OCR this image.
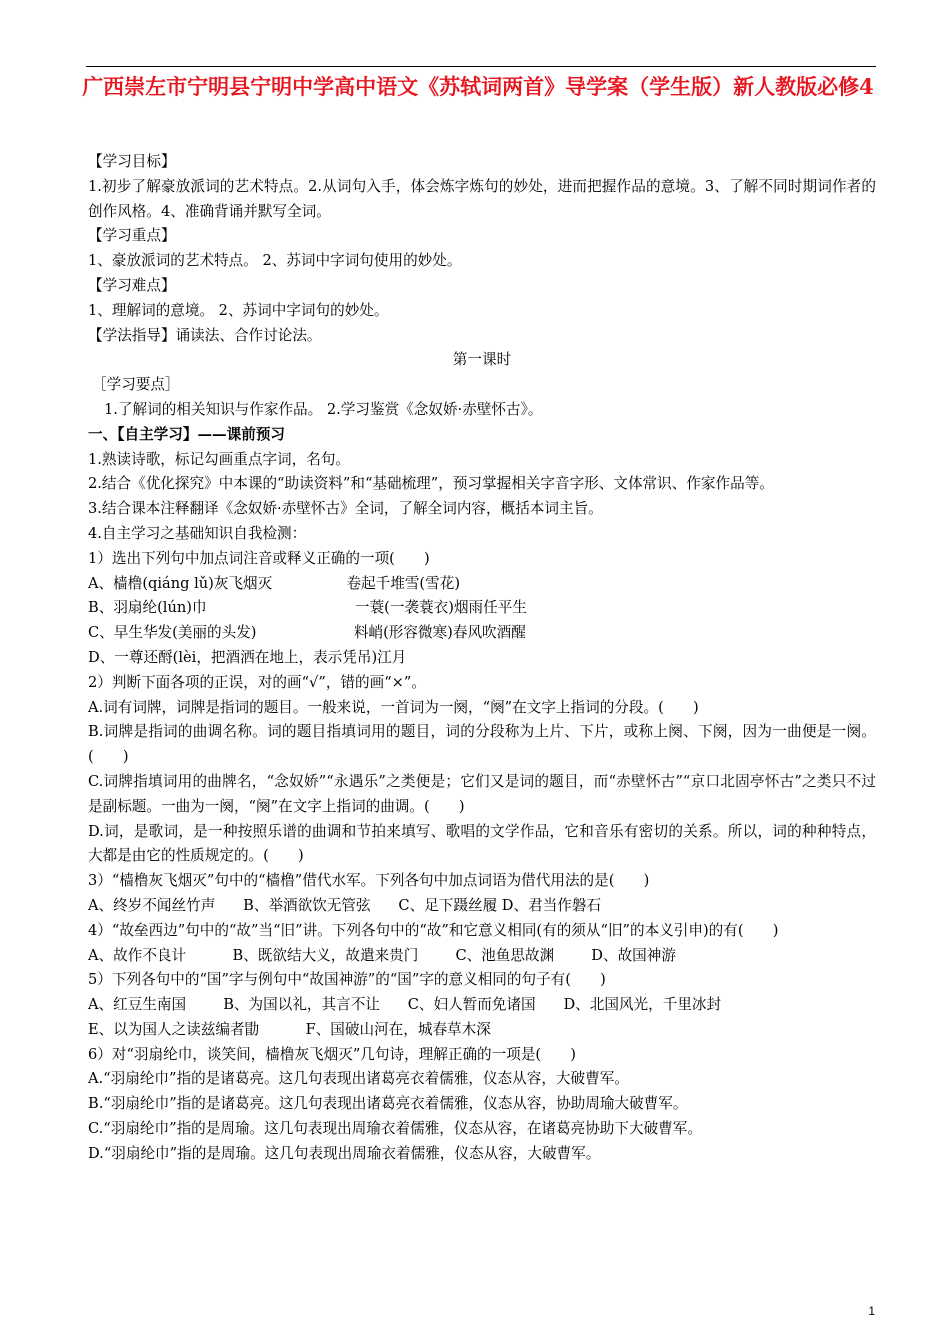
广西崇左市宁明县宁明中学高中语文《苏轼词两首》导学案（学生版）新人教版必修4
【学习目标】
1.初步了解豪放派词的艺术特点。2.从词句入手，体会炼字炼句的妙处，进而把握作品的意境。3、了解不同时期词作者的创作风格。4、准确背诵并默写全词。
【学习重点】
1、豪放派词的艺术特点。 2、苏词中字词句使用的妙处。
【学习难点】
1、理解词的意境。 2、苏词中字词句的妙处。
【学法指导】诵读法、合作讨论法。
第一课时
［学习要点］
1.了解词的相关知识与作家作品。 2.学习鉴赏《念奴娇·赤壁怀古》。
一、【自主学习】——课前预习
1.熟读诗歌，标记勾画重点字词，名句。
2.结合《优化探究》中本课的“助读资料”和“基础梳理”，预习掌握相关字音字形、文体常识、作家作品等。
3.结合课本注释翻译《念奴娇·赤壁怀古》全词，了解全词内容，概括本词主旨。
4.自主学习之基础知识自我检测：
1）选出下列句中加点词注音或释义正确的一项(　　)
A、樯橹(qiáng lǔ)灰飞烟灭                卷起千堆雪(雪花)
B、羽扇纶(lún)巾                                一蓑(一袭蓑衣)烟雨任平生
C、早生华发(美丽的头发)                     料峭(形容微寒)春风吹酒醒
D、一尊还酹(lèi，把酒洒在地上，表示凭吊)江月
2）判断下面各项的正误，对的画“√”，错的画“×”。
A.词有词牌，词牌是指词的题目。一般来说，一首词为一阕，“阕”在文字上指词的分段。(　　)
B.词牌是指词的曲调名称。词的题目指填词用的题目，词的分段称为上片、下片，或称上阕、下阕，因为一曲便是一阕。(　　)
C.词牌指填词用的曲牌名，“念奴娇”“永遇乐”之类便是；它们又是词的题目，而“赤壁怀古”“京口北固亭怀古”之类只不过是副标题。一曲为一阕，“阕”在文字上指词的曲调。(　　)
D.词，是歌词，是一种按照乐谱的曲调和节拍来填写、歌唱的文学作品，它和音乐有密切的关系。所以，词的种种特点，大都是由它的性质规定的。(　　)
3）“樯橹灰飞烟灭”句中的“樯橹”借代水军。下列各句中加点词语为借代用法的是(　　)
A、终岁不闻丝竹声      B、举酒欲饮无管弦      C、足下蹑丝履 D、君当作磐石
4）“故垒西边”句中的“故”当“旧”讲。下列各句中的“故”和它意义相同(有的须从“旧”的本义引申)的有(　　)
A、故作不良计          B、既欲结大义，故遣来贵门        C、池鱼思故渊        D、故国神游
5）下列各句中的“国”字与例句中“故国神游”的“国”字的意义相同的句子有(　　)
A、红豆生南国        B、为国以礼，其言不让      C、妇人暂而免诸国      D、北国风光，千里冰封
E、以为国人之读兹编者勖          F、国破山河在，城春草木深
6）对“羽扇纶巾，谈笑间，樯橹灰飞烟灭”几句诗，理解正确的一项是(　　)
A.“羽扇纶巾”指的是诸葛亮。这几句表现出诸葛亮衣着儒雅，仪态从容，大破曹军。
B.“羽扇纶巾”指的是诸葛亮。这几句表现出诸葛亮衣着儒雅，仪态从容，协助周瑜大破曹军。
C.“羽扇纶巾”指的是周瑜。这几句表现出周瑜衣着儒雅，仪态从容，在诸葛亮协助下大破曹军。
D.“羽扇纶巾”指的是周瑜。这几句表现出周瑜衣着儒雅，仪态从容，大破曹军。
1
